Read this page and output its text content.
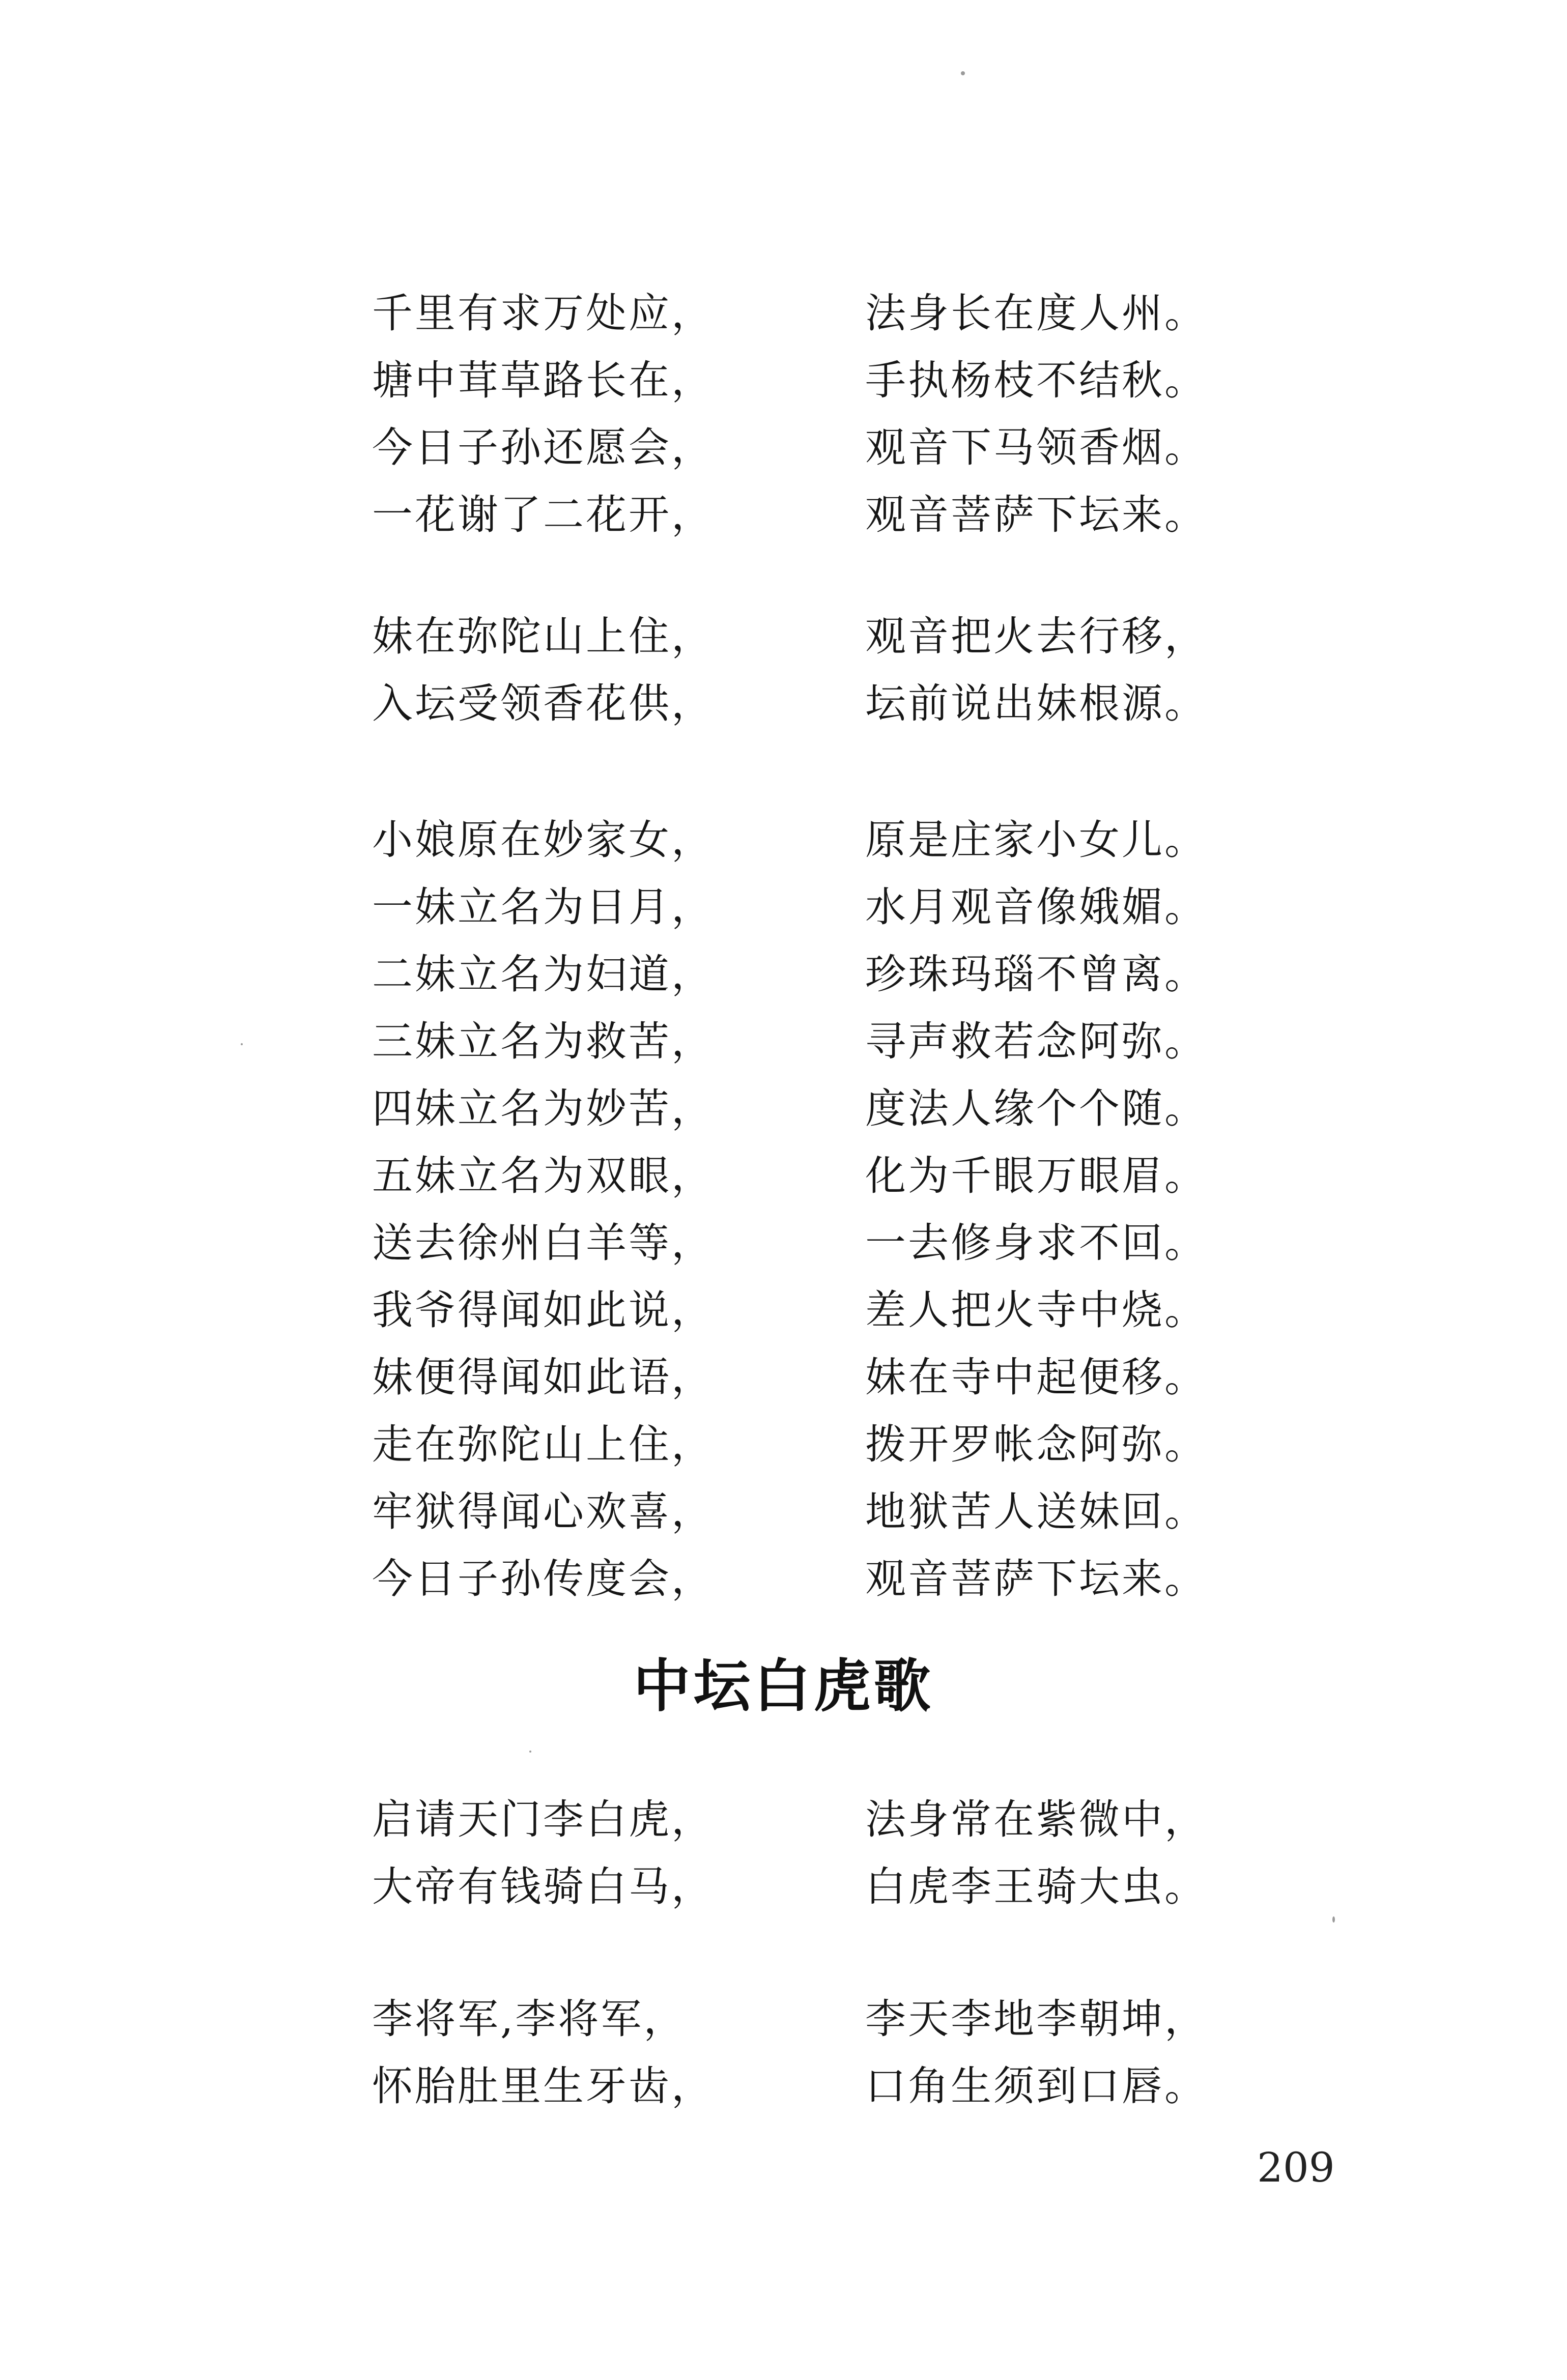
千里有求万处应，	法身长在度人州。
塘中茸草路长在，	手执杨枝不结秋。
今日子孙还愿会，	观音下马领香烟。
一花谢了二花开，	观音菩萨下坛来。
妹在弥陀山上住，	观音把火去行移，
入坛受领香花供，	坛前说出妹根源。
小娘原在妙家女，	原是庄家小女儿。
一妹立名为日月，	水月观音像娥媚。
二妹立名为妇道，	珍珠玛瑙不曾离。
三妹立名为救苦，	寻声救若念阿弥。
四妹立名为妙苦，	度法人缘个个随。
五妹立名为双眼，	化为千眼万眼眉。
送去徐州白羊等，	一去修身求不回。
我爷得闻如此说，	差人把火寺中烧。
妹便得闻如此语，	妹在寺中起便移。
走在弥陀山上住，	拨开罗帐念阿弥。
牢狱得闻心欢喜，	地狱苦人送妹回。
今日子孙传度会，	观音菩萨下坛来。
中坛白虎歌
启请天门李白虎，	法身常在紫微中，
大帝有钱骑白马，	白虎李王骑大虫。
李将军,李将军，	李天李地李朝坤，
怀胎肚里生牙齿，	口角生须到口唇。
209
